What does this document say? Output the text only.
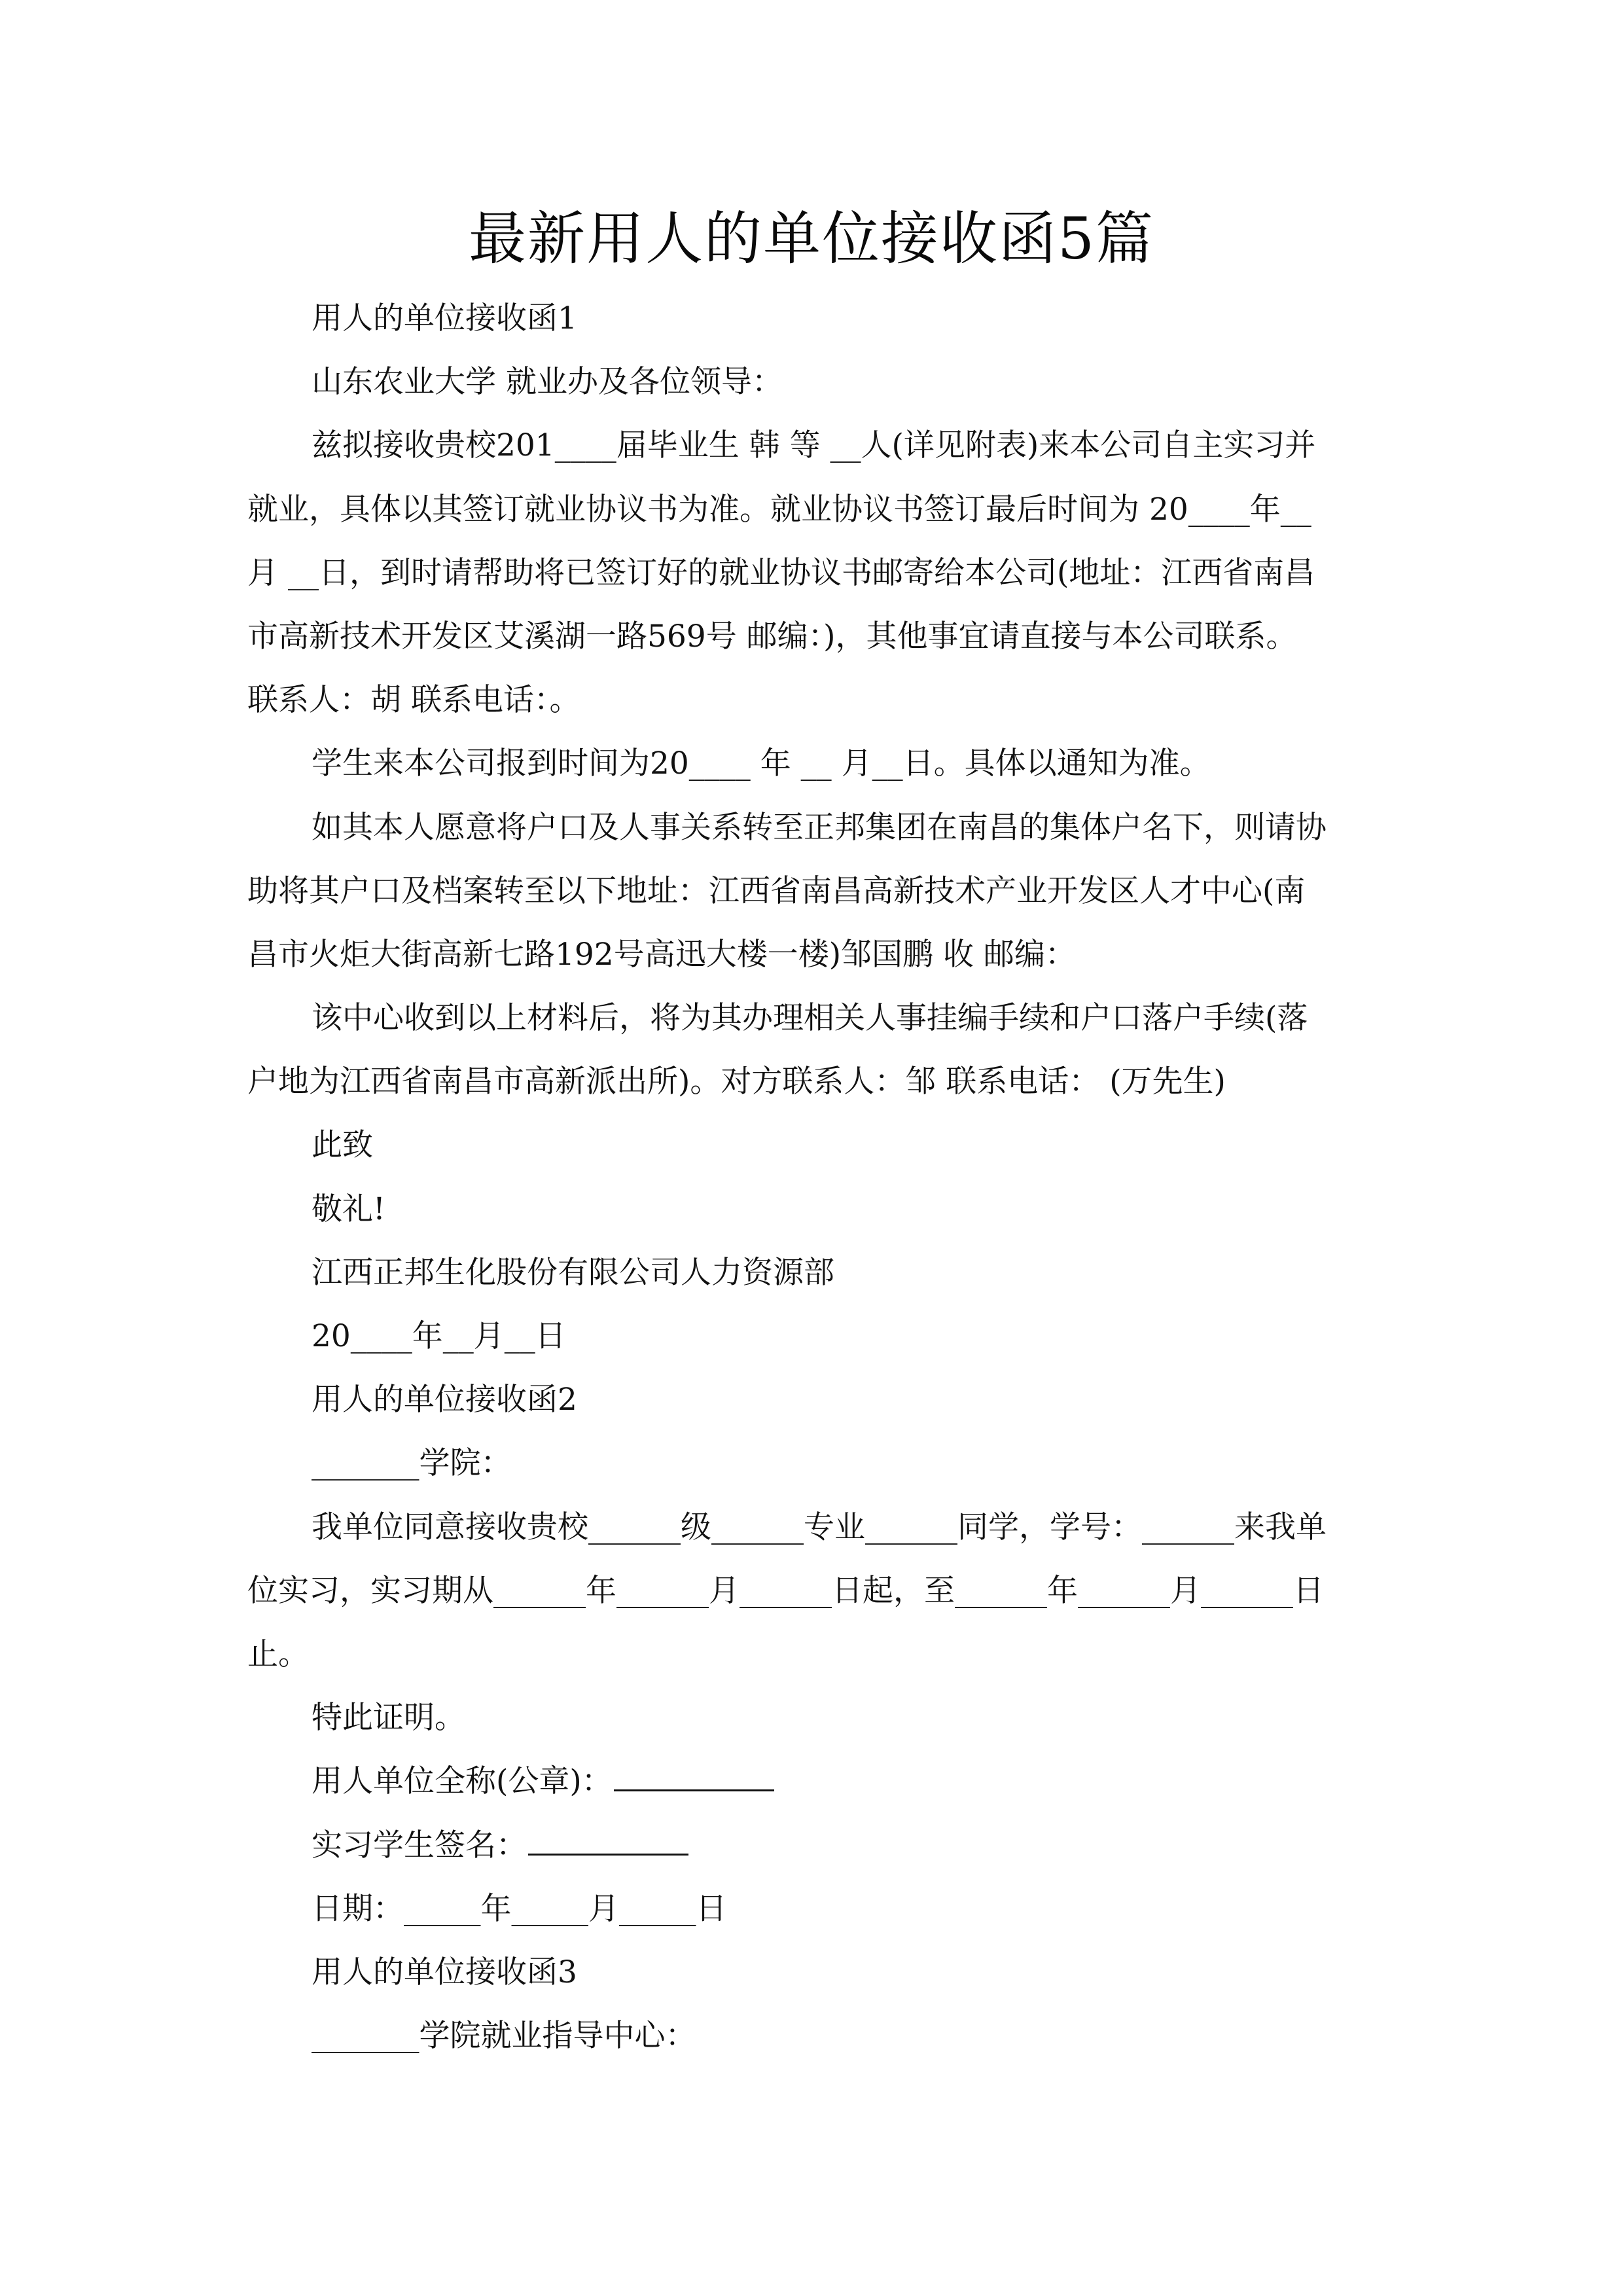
最新用人的单位接收函5篇
用人的单位接收函1
山东农业大学 就业办及各位领导：
兹拟接收贵校201____届毕业生 韩 等 __人(详见附表)来本公司自主实习并
就业，具体以其签订就业协议书为准。就业协议书签订最后时间为 20____年__
月 __日，到时请帮助将已签订好的就业协议书邮寄给本公司(地址：江西省南昌
市高新技术开发区艾溪湖一路569号 邮编：)，其他事宜请直接与本公司联系。
联系人：胡 联系电话：。
学生来本公司报到时间为20____ 年 __ 月__日。具体以通知为准。
如其本人愿意将户口及人事关系转至正邦集团在南昌的集体户名下，则请协
助将其户口及档案转至以下地址：江西省南昌高新技术产业开发区人才中心(南
昌市火炬大街高新七路192号高迅大楼一楼)邹国鹏 收 邮编：
该中心收到以上材料后，将为其办理相关人事挂编手续和户口落户手续(落
户地为江西省南昌市高新派出所)。对方联系人：邹 联系电话： (万先生)
此致
敬礼!
江西正邦生化股份有限公司人力资源部
20____年__月__日
用人的单位接收函2
_______学院：
我单位同意接收贵校______级______专业______同学，学号：______来我单
位实习，实习期从______年______月______日起，至______年______月______日
止。
特此证明。
用人单位全称(公章)：
实习学生签名：
日期：_____年_____月_____日
用人的单位接收函3
_______学院就业指导中心：
